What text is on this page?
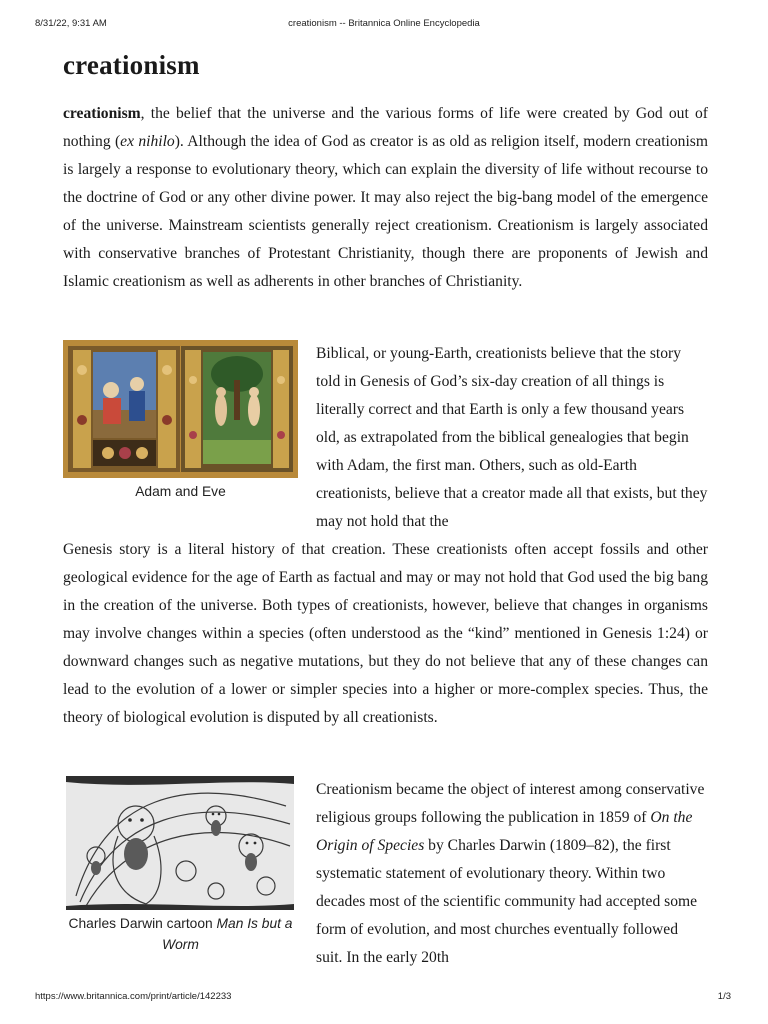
8/31/22, 9:31 AM	creationism -- Britannica Online Encyclopedia
creationism

creationism, the belief that the universe and the various forms of life were created by God out of nothing (ex nihilo). Although the idea of God as creator is as old as religion itself, modern creationism is largely a response to evolutionary theory, which can explain the diversity of life without recourse to the doctrine of God or any other divine power. It may also reject the big-bang model of the emergence of the universe. Mainstream scientists generally reject creationism. Creationism is largely associated with conservative branches of Protestant Christianity, though there are proponents of Jewish and Islamic creationism as well as adherents in other branches of Christianity.

Adam and Eve

Biblical, or young-Earth, creationists believe that the story told in Genesis of God’s six-day creation of all things is literally correct and that Earth is only a few thousand years old, as extrapolated from the biblical genealogies that begin with Adam, the first man. Others, such as old-Earth creationists, believe that a creator made all that exists, but they may not hold that the

Genesis story is a literal history of that creation. These creationists often accept fossils and other geological evidence for the age of Earth as factual and may or may not hold that God used the big bang in the creation of the universe. Both types of creationists, however, believe that changes in organisms may involve changes within a species (often understood as the “kind” mentioned in Genesis 1:24) or downward changes such as negative mutations, but they do not believe that any of these changes can lead to the evolution of a lower or simpler species into a higher or more-complex species. Thus, the theory of biological evolution is disputed by all creationists.

Charles Darwin cartoon Man Is but a Worm

Creationism became the object of interest among conservative religious groups following the publication in 1859 of On the Origin of Species by Charles Darwin (1809–82), the first systematic statement of evolutionary theory. Within two decades most of the scientific community had accepted some form of evolution, and most churches eventually followed suit. In the early 20th

https://www.britannica.com/print/article/142233	1/3
